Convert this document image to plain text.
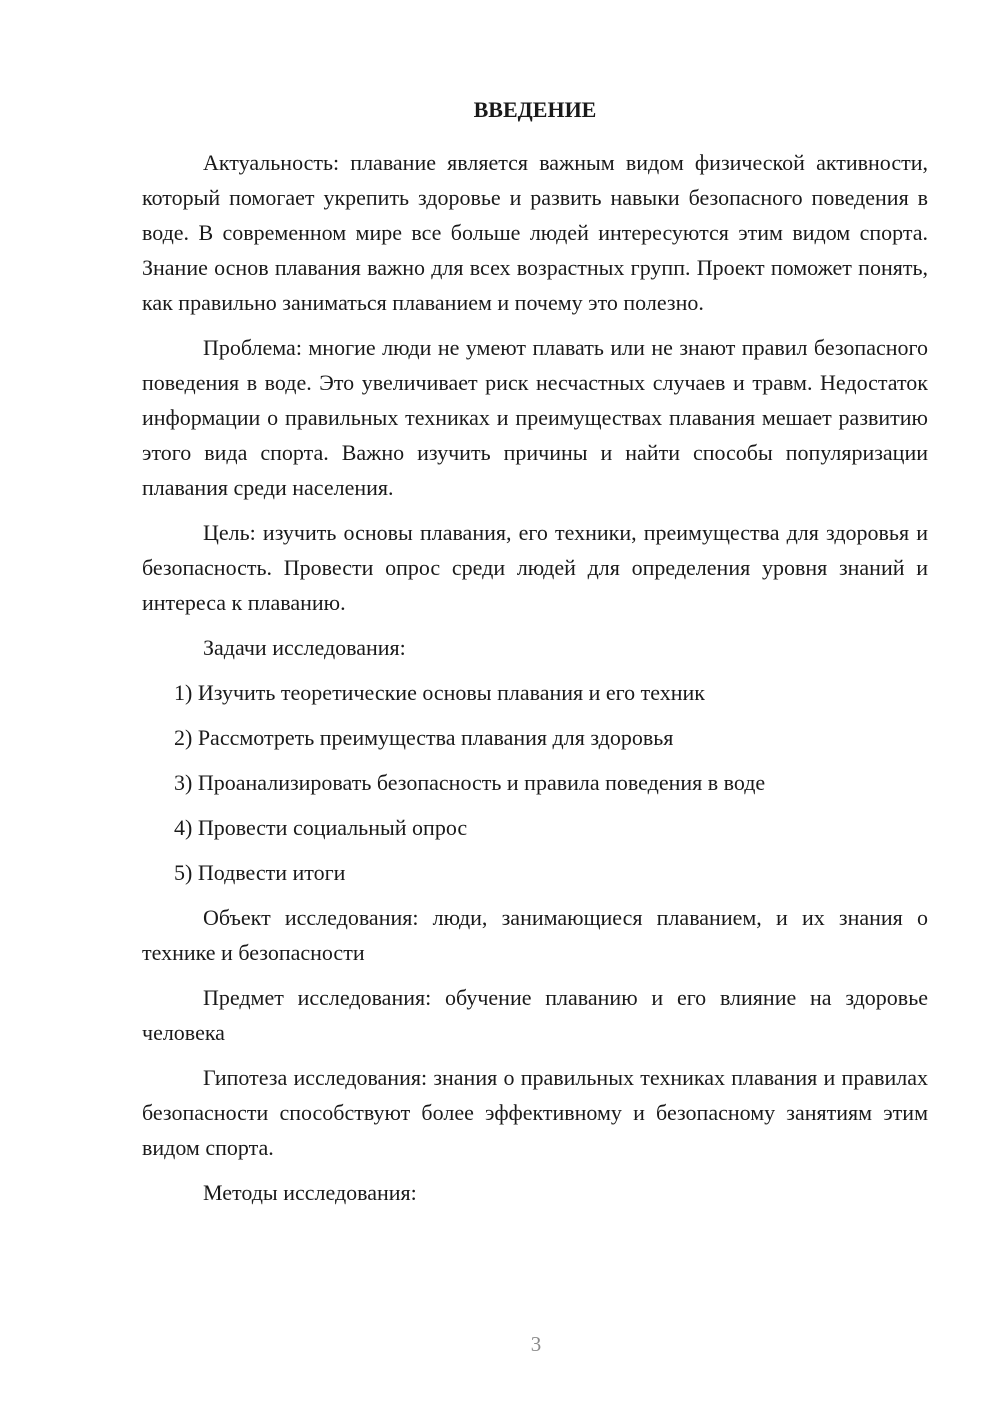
ВВЕДЕНИЕ

Актуальность: плавание является важным видом физической активности, который помогает укрепить здоровье и развить навыки безопасного поведения в воде. В современном мире все больше людей интересуются этим видом спорта. Знание основ плавания важно для всех возрастных групп. Проект поможет понять, как правильно заниматься плаванием и почему это полезно.

Проблема: многие люди не умеют плавать или не знают правил безопасного поведения в воде. Это увеличивает риск несчастных случаев и травм. Недостаток информации о правильных техниках и преимуществах плавания мешает развитию этого вида спорта. Важно изучить причины и найти способы популяризации плавания среди населения.

Цель: изучить основы плавания, его техники, преимущества для здоровья и безопасность. Провести опрос среди людей для определения уровня знаний и интереса к плаванию.

Задачи исследования:

1) Изучить теоретические основы плавания и его техник
2) Рассмотреть преимущества плавания для здоровья
3) Проанализировать безопасность и правила поведения в воде
4) Провести социальный опрос
5) Подвести итоги

Объект исследования: люди, занимающиеся плаванием, и их знания о технике и безопасности

Предмет исследования: обучение плаванию и его влияние на здоровье человека

Гипотеза исследования: знания о правильных техниках плавания и правилах безопасности способствуют более эффективному и безопасному занятиям этим видом спорта.

Методы исследования:

3
